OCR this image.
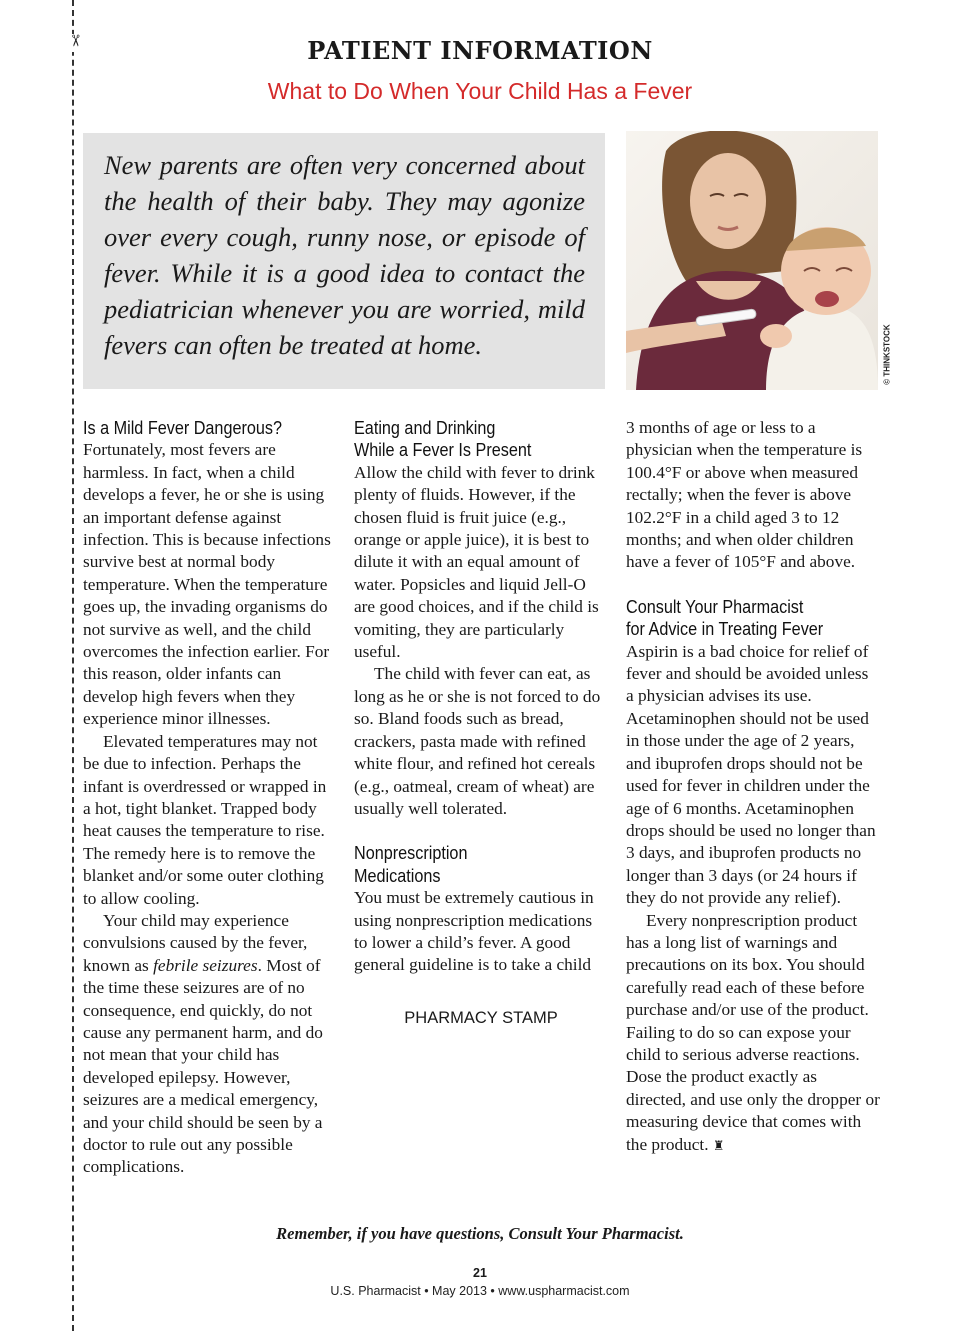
✂	PATIENT INFORMATION
What to Do When Your Child Has a Fever
New parents are often very concerned about the health of their baby. They may agonize over every cough, runny nose, or episode of fever. While it is a good idea to contact the pediatrician whenever you are worried, mild fevers can often be treated at home.	© THINKSTOCK
Is a Mild Fever Dangerous?

Fortunately, most fevers are harmless. In fact, when a child develops a fever, he or she is using an important defense against infection. This is because infections survive best at normal body temperature. When the temperature goes up, the invading organisms do not survive as well, and the child overcomes the infection earlier. For this reason, older infants can develop high fevers when they experience minor illnesses.

Elevated temperatures may not be due to infection. Perhaps the infant is overdressed or wrapped in a hot, tight blanket. Trapped body heat causes the temperature to rise. The remedy here is to remove the blanket and/or some outer clothing to allow cooling.

Your child may experience convulsions caused by the fever, known as febrile seizures. Most of the time these seizures are of no consequence, end quickly, do not cause any permanent harm, and do not mean that your child has developed epilepsy. However, seizures are a medical emergency, and your child should be seen by a doctor to rule out any possible complications.

Eating and Drinking
While a Fever Is Present

Allow the child with fever to drink plenty of fluids. However, if the chosen fluid is fruit juice (e.g., orange or apple juice), it is best to dilute it with an equal amount of water. Popsicles and liquid Jell-O are good choices, and if the child is vomiting, they are particularly useful.

The child with fever can eat, as long as he or she is not forced to do so. Bland foods such as bread, crackers, pasta made with refined white flour, and refined hot cereals (e.g., oatmeal, cream of wheat) are usually well tolerated.

Nonprescription
Medications

You must be extremely cautious in using nonprescription medications to lower a child’s fever. A good general guideline is to take a child

PHARMACY STAMP

3 months of age or less to a physician when the temperature is 100.4°F or above when measured rectally; when the fever is above 102.2°F in a child aged 3 to 12 months; and when older children have a fever of 105°F and above.

Consult Your Pharmacist
for Advice in Treating Fever

Aspirin is a bad choice for relief of fever and should be avoided unless a physician advises its use. Acetaminophen should not be used in those under the age of 2 years, and ibuprofen drops should not be used for fever in children under the age of 6 months. Acetaminophen drops should be used no longer than 3 days, and ibuprofen products no longer than 3 days (or 24 hours if they do not provide any relief).

Every nonprescription product has a long list of warnings and precautions on its box. You should carefully read each of these before purchase and/or use of the product. Failing to do so can expose your child to serious adverse reactions. Dose the product exactly as directed, and use only the dropper or measuring device that comes with the product. ♜

Remember, if you have questions, Consult Your Pharmacist.
21
U.S. Pharmacist • May 2013 • www.uspharmacist.com
